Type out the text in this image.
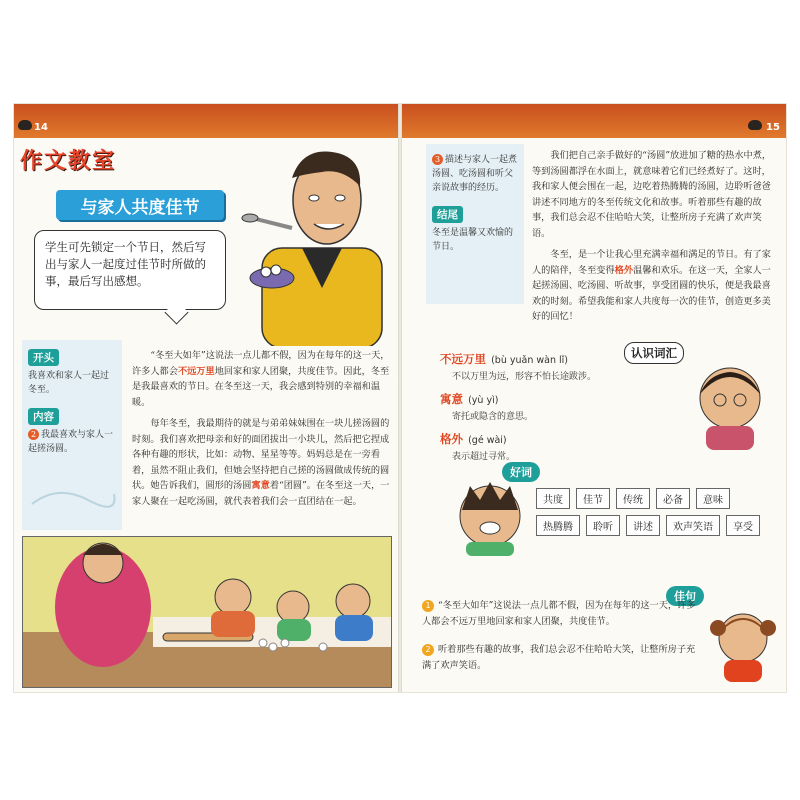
14
作 文 教 室
与家人共度佳节
学生可先锁定一个节日，然后写出与家人一起度过佳节时所做的事，最后写出感想。
开头
我喜欢和家人一起过冬至。
内容
2 我最喜欢与家人一起搓汤圆。

“冬至大如年”这说法一点儿都不假，因为在每年的这一天，许多人都会不远万里地回家和家人团聚，共度佳节。因此，冬至是我最喜欢的节日。在冬至这一天，我会感到特别的幸福和温暖。

每年冬至，我最期待的就是与弟弟妹妹围在一块儿搓汤圆的时刻。我们喜欢把母亲和好的面团拔出一小块儿，然后把它捏成各种有趣的形状，比如：动物、星星等等。妈妈总是在一旁看着，虽然不阻止我们，但她会坚持把自己搓的汤圆做成传统的圆状。她告诉我们，圆形的汤圆寓意着“团圆”。在冬至这一天，一家人聚在一起吃汤圆，就代表着我们会一直团结在一起。

15
3 描述与家人一起煮汤圆、吃汤圆和听父亲说故事的经历。
结尾
冬至是温馨又欢愉的节日。

我们把自己亲手做好的“汤圆”放进加了糖的热水中煮，等到汤圆都浮在水面上，就意味着它们已经煮好了。这时，我和家人便会围在一起，边吃着热腾腾的汤圆，边聆听爸爸讲述不同地方的冬至传统文化和故事。听着那些有趣的故事，我们总会忍不住哈哈大笑，让整所房子充满了欢声笑语。

冬至，是一个让我心里充满幸福和满足的节日。有了家人的陪伴，冬至变得格外温馨和欢乐。在这一天，全家人一起搓汤圆、吃汤圆、听故事，享受团圆的快乐，便是我最喜欢的时刻。希望我能和家人共度每一次的佳节，创造更多美好的回忆！

认识词汇
不远万里 (bù yuǎn wàn lǐ)
不以万里为远，形容不怕长途跋涉。
寓意 (yù yì)
寄托或隐含的意思。
格外 (gé wài)
表示超过寻常。
好词
共度	佳节	传统	必备	意味
热腾腾	聆听	讲述	欢声笑语	享受
佳句
1 “冬至大如年”这说法一点儿都不假，因为在每年的这一天，许多人都会不远万里地回家和家人团聚，共度佳节。
2 听着那些有趣的故事，我们总会忍不住哈哈大笑，让整所房子充满了欢声笑语。
